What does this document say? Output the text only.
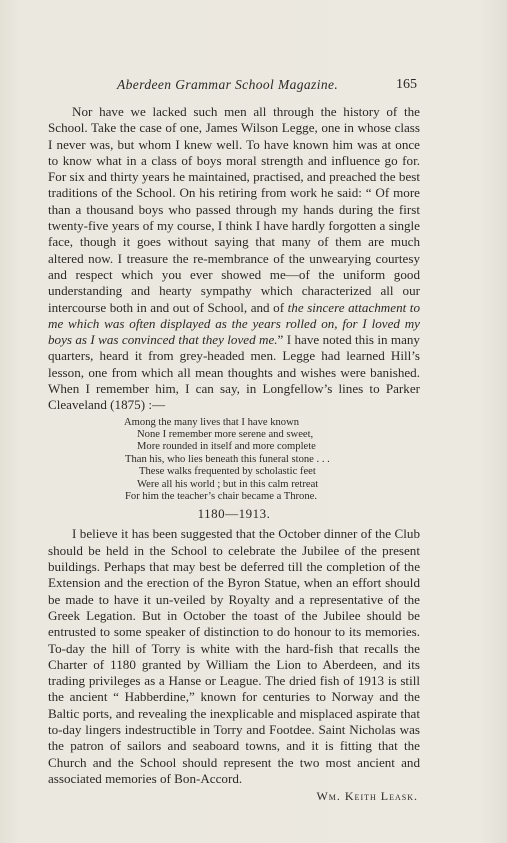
Aberdeen Grammar School Magazine.	165

Nor have we lacked such men all through the history of the School. Take the case of one, James Wilson Legge, one in whose class I never was, but whom I knew well. To have known him was at once to know what in a class of boys moral strength and influence go for. For six and thirty years he maintained, practised, and preached the best traditions of the School. On his retiring from work he said: “ Of more than a thousand boys who passed through my hands during the first twenty-five years of my course, I think I have hardly forgotten a single face, though it goes without saying that many of them are much altered now. I treasure the re-membrance of the unwearying courtesy and respect which you ever showed me—of the uniform good understanding and hearty sympathy which characterized all our intercourse both in and out of School, and of the sincere attachment to me which was often displayed as the years rolled on, for I loved my boys as I was convinced that they loved me.” I have noted this in many quarters, heard it from grey-headed men. Legge had learned Hill’s lesson, one from which all mean thoughts and wishes were banished. When I remember him, I can say, in Longfellow’s lines to Parker Cleaveland (1875) :—

Among the many lives that I have known
None I remember more serene and sweet,
More rounded in itself and more complete
Than his, who lies beneath this funeral stone . . .
These walks frequented by scholastic feet
Were all his world ; but in this calm retreat
For him the teacher’s chair became a Throne.
1180—1913.

I believe it has been suggested that the October dinner of the Club should be held in the School to celebrate the Jubilee of the present buildings. Perhaps that may best be deferred till the completion of the Extension and the erection of the Byron Statue, when an effort should be made to have it un-veiled by Royalty and a representative of the Greek Legation. But in October the toast of the Jubilee should be entrusted to some speaker of distinction to do honour to its memories. To-day the hill of Torry is white with the hard-fish that recalls the Charter of 1180 granted by William the Lion to Aberdeen, and its trading privileges as a Hanse or League. The dried fish of 1913 is still the ancient “ Habberdine,” known for centuries to Norway and the Baltic ports, and revealing the inexplicable and misplaced aspirate that to-day lingers indestructible in Torry and Footdee. Saint Nicholas was the patron of sailors and seaboard towns, and it is fitting that the Church and the School should represent the two most ancient and associated memories of Bon-Accord.

Wm. Keith Leask.
